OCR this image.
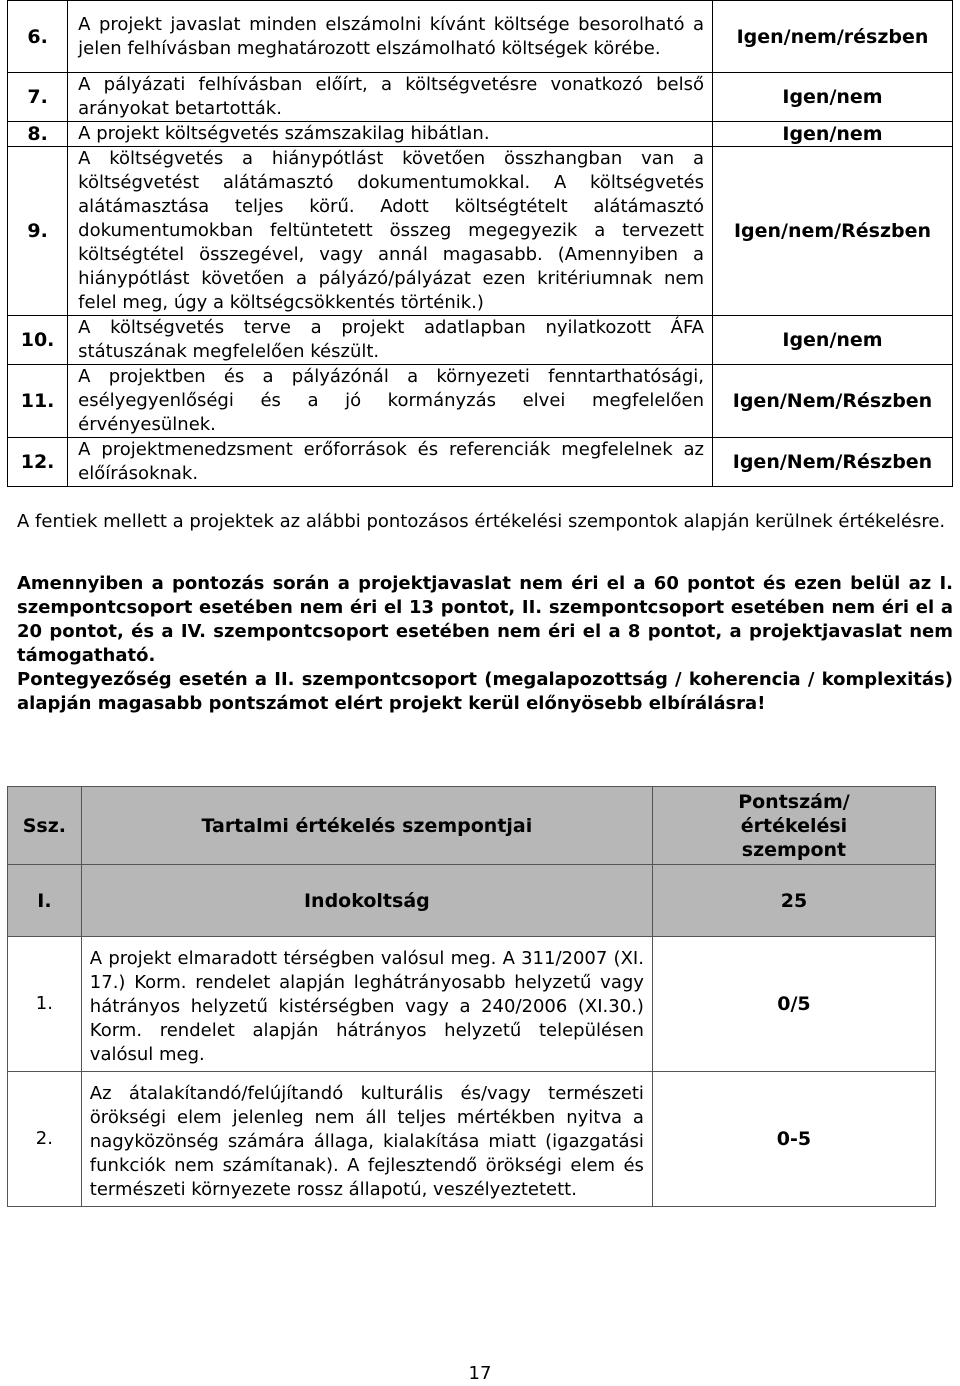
6.	A projekt javaslat minden elszámolni kívánt költsége besorolható a jelen felhívásban meghatározott elszámolható költségek körébe.	Igen/nem/részben
7.	A pályázati felhívásban előírt, a költségvetésre vonatkozó belső arányokat betartották.	Igen/nem
8.	A projekt költségvetés számszakilag hibátlan.	Igen/nem
9.	A költségvetés a hiánypótlást követően összhangban van a költségvetést alátámasztó dokumentumokkal. A költségvetés alátámasztása teljes körű. Adott költségtételt alátámasztó dokumentumokban feltüntetett összeg megegyezik a tervezett költségtétel összegével, vagy annál magasabb. (Amennyiben a hiánypótlást követően a pályázó/pályázat ezen kritériumnak nem felel meg, úgy a költségcsökkentés történik.)	Igen/nem/Részben
10.	A költségvetés terve a projekt adatlapban nyilatkozott ÁFA státuszának megfelelően készült.	Igen/nem
11.	A projektben és a pályázónál a környezeti fenntarthatósági, esélyegyenlőségi és a jó kormányzás elvei megfelelően érvényesülnek.	Igen/Nem/Részben
12.	A projektmenedzsment erőforrások és referenciák megfelelnek az előírásoknak.	Igen/Nem/Részben

A fentiek mellett a projektek az alábbi pontozásos értékelési szempontok alapján kerülnek értékelésre.

Amennyiben a pontozás során a projektjavaslat nem éri el a 60 pontot és ezen belül az I. szempontcsoport esetében nem éri el 13 pontot, II. szempontcsoport esetében nem éri el a 20 pontot, és a IV. szempontcsoport esetében nem éri el a 8 pontot, a projektjavaslat nem támogatható.

Pontegyezőség esetén a II. szempontcsoport (megalapozottság / koherencia / komplexitás) alapján magasabb pontszámot elért projekt kerül előnyösebb elbírálásra!

Ssz.	Tartalmi értékelés szempontjai	Pontszám/ értékelési szempont
I.	Indokoltság	25
1.	A projekt elmaradott térségben valósul meg. A 311/2007 (XI. 17.) Korm. rendelet alapján leghátrányosabb helyzetű vagy hátrányos helyzetű kistérségben vagy a 240/2006 (XI.30.) Korm. rendelet alapján hátrányos helyzetű településen valósul meg.	0/5
2.	Az átalakítandó/felújítandó kulturális és/vagy természeti örökségi elem jelenleg nem áll teljes mértékben nyitva a nagyközönség számára állaga, kialakítása miatt (igazgatási funkciók nem számítanak). A fejlesztendő örökségi elem és természeti környezete rossz állapotú, veszélyeztetett.	0-5
17
